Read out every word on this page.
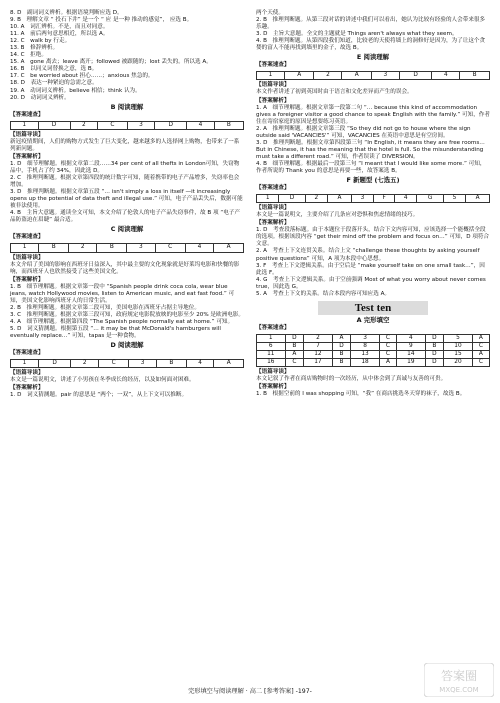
8. D　副词词义辨析。根据语境判断应选 D。

9. B　理解文章 “ 投石下井” 是一个 “ 应 是一种 推动的感觉”， 应选 B。

10. A　词汇辨析。不是，而且对同意。

11. A　前后两句意思相近，所以选 A。

12. C　walk by 行走。

13. B　修辞辨析。

14. C　拒绝。

15. A　gone 离去；leave 离开；followed 被跟随的；lost 丢失的。所以选 A。

16. B　以同义词替换之意，选 B。

17. C　be worried about 担心……；anxious 焦急的。

18. D　表达一种紧迫的急需之意。

19. A　动词词义辨析。believe 相信；think 认为。

20. D　动词词义辨析。

B 阅读理解
【答案速查】
1	D	2	C	3	D	4	B
【语篇导读】

新冠疫情期间，人们的购物方式发生了巨大变化，越来越多的人选择网上购物，也带来了一系列新问题。

【答案解析】

1. D　细节理解题。根据文章第二段……34 per cent of all thefts in London可知，失窃物品中，手机占了约 34%，因此选 D。

2. C　推理判断题。根据文章第四段的统计数字可知，随着携带的电子产品增多，失窃率也会增加。

3. D　推理判断题。根据文章第五段 “… isn't simply a loss in itself —it increasingly opens up the potential of data theft and illegal use.” 可知，电子产品丢失后，数据可能被非法使用。

4. B　主旨大意题。通读全文可知，本文介绍了伦敦人的电子产品失窃事件，故 B 项 “电子产品防盗迫在眉睫” 最合适。

C 阅读理解
【答案速查】
1	B	2	B	3	C	4	A
【语篇导读】

本文介绍了美国的影响在西班牙日益深入，其中最主要的文化现象就是好莱坞电影和快餐的影响，而西班牙人也欣然接受了这些美国文化。

【答案解析】

1. B　细节理解题。根据文章第一段中 “Spanish people drink coca cola, wear blue jeans, watch Hollywood movies, listen to American music, and eat fast food.” 可知，美国文化影响西班牙人的日常生活。

2. B　推理判断题。根据文章第二段可知，美国电影在西班牙占据主导地位。

3. C　推理判断题。根据文章第三段可知，政府规定电影院放映的电影至少 20% 是欧洲电影。

4. A　细节理解题。根据第四段 “The Spanish people normally eat at home.” 可知。

5. D　词义猜测题。根据第五段 “… it may be that McDonald's hamburgers will eventually replace…” 可知，tapas 是一种食物。

D 阅读理解
【答案速查】
1	D	2	C	3	B	4	A
【语篇导读】

本文是一篇说明文，讲述了小男孩在冬季成长的经历，以及如何面对困难。

【答案解析】

1. D　词义猜测题。pair 的意思是 “两个；一双”，从上下文可以推断。

两个天使。

2. B　推理判断题。从第三段对话的讲述中我们可以看出，她认为比较有经验的人会带来很多乐趣。

3. D　主旨大意题。全文的主题就是 Things aren't always what they seem。

4. B　推理判断题。从第四段我们知道，比较老的天使将墙上的洞修好是因为，为了让这个贪婪的富人不能再找到墙里的金子，故选 B。

E 阅读理解
【答案速查】
1	A	2	A	3	D	4	B
【语篇导读】

本文作者讲述了初到英国时由于语言和文化差异而产生的误会。

【答案解析】

1. A　细节理解题。根据文章第一段第二句 “… because this kind of accommodation gives a foreigner visitor a good chance to speak English with the family.” 可知，作者住在寄宿家庭的原因是想要练习英语。

2. A　推理判断题。根据文章第三段 “So they did not go to house where the sign outside said 'VACANCIES'” 可知，VACANCIES 在英语中意思是有空房间。

3. D　推理判断题。根据文章第四段第三句 “In English, it means they are free rooms… But in Chinese, it has the meaning that the hotel is full. So the misunderstanding must take a different road.” 可知，作者误读了 DIVERSION。

4. B　细节理解题。根据最后一段第三句 “I meant that I would like some more.” 可知，作者所说的 Thank you 的意思是再要一些，故答案选 B。

F 新题型 (七选五)
【答案速查】
1	D	2	A	3	F	4	G	5	A
【语篇导读】

本文是一篇说明文，主要介绍了几条应对恐惧和焦虑情绪的技巧。

【答案解析】

1. D　考查段落标题。由于本题位于段落开头，结合下文内容可知，应该选择一个能概括全段的选项。根据该段内容 “get their mind off the problem and focus on…” 可知，D 项符合文意。

2. A　考查上下文连贯关系。结合上文 “challenge these thoughts by asking yourself positive questions” 可知，A 项为本段中心思想。

3. F　考查上下文逻辑关系。由于空后是 “make yourself take on one small task…”，因此选 F。

4. G　考查上下文逻辑关系。由于空前强调 Most of what you worry about never comes true，因此选 G。

5. A　考查上下文的关系。结合本段内容可知应选 A。

Test ten
A 完形填空
【答案速查】
1	D	2	A	3	C	4	D	5	A
6	B	7	D	8	C	9	B	10	C
11	A	12	B	13	C	14	D	15	A
16	C	17	B	18	A	19	D	20	C
【语篇导读】

本文记叙了作者在商店购物时的一次经历，从中体会到了真诚与友善的可贵。

【答案解析】

1. B　根据空前的 I was shopping 可知，“我” 在商店挑选冬天穿的袜子，故选 B。

完形填空与阅读理解 · 高二 [参考答案] -197-
答案圈
MXQE.COM
